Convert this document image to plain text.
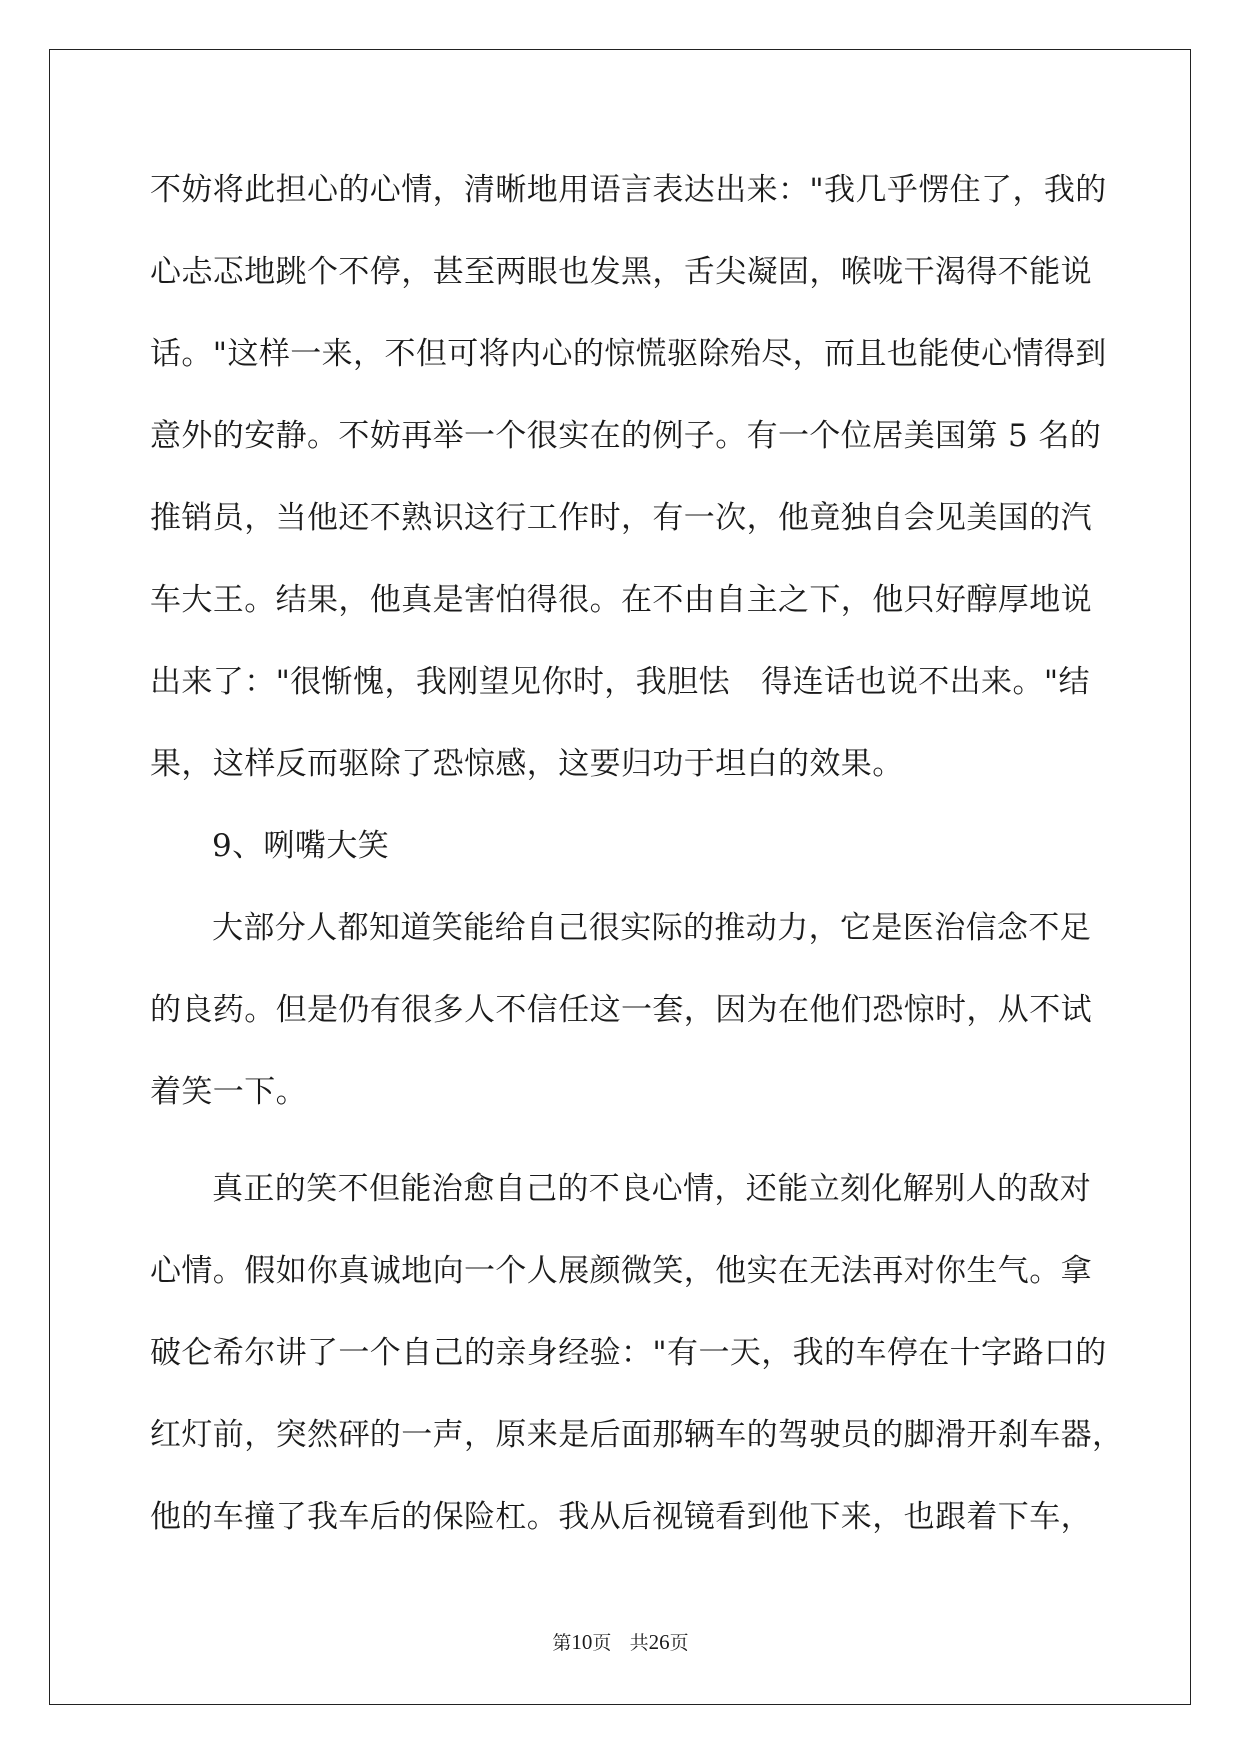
不妨将此担心的心情，清晰地用语言表达出来："我几乎愣住了，我的
心忐忑地跳个不停，甚至两眼也发黑，舌尖凝固，喉咙干渴得不能说
话。"这样一来，不但可将内心的惊慌驱除殆尽，而且也能使心情得到
意外的安静。不妨再举一个很实在的例子。有一个位居美国第 5 名的
推销员，当他还不熟识这行工作时，有一次，他竟独自会见美国的汽
车大王。结果，他真是害怕得很。在不由自主之下，他只好醇厚地说
出来了："很惭愧，我刚望见你时，我胆怯　得连话也说不出来。"结
果，这样反而驱除了恐惊感，这要归功于坦白的效果。
9、咧嘴大笑
大部分人都知道笑能给自己很实际的推动力，它是医治信念不足
的良药。但是仍有很多人不信任这一套，因为在他们恐惊时，从不试
着笑一下。
真正的笑不但能治愈自己的不良心情，还能立刻化解别人的敌对
心情。假如你真诚地向一个人展颜微笑，他实在无法再对你生气。拿
破仑希尔讲了一个自己的亲身经验："有一天，我的车停在十字路口的
红灯前，突然砰的一声，原来是后面那辆车的驾驶员的脚滑开刹车器，
他的车撞了我车后的保险杠。我从后视镜看到他下来，也跟着下车，
第10页 共26页
